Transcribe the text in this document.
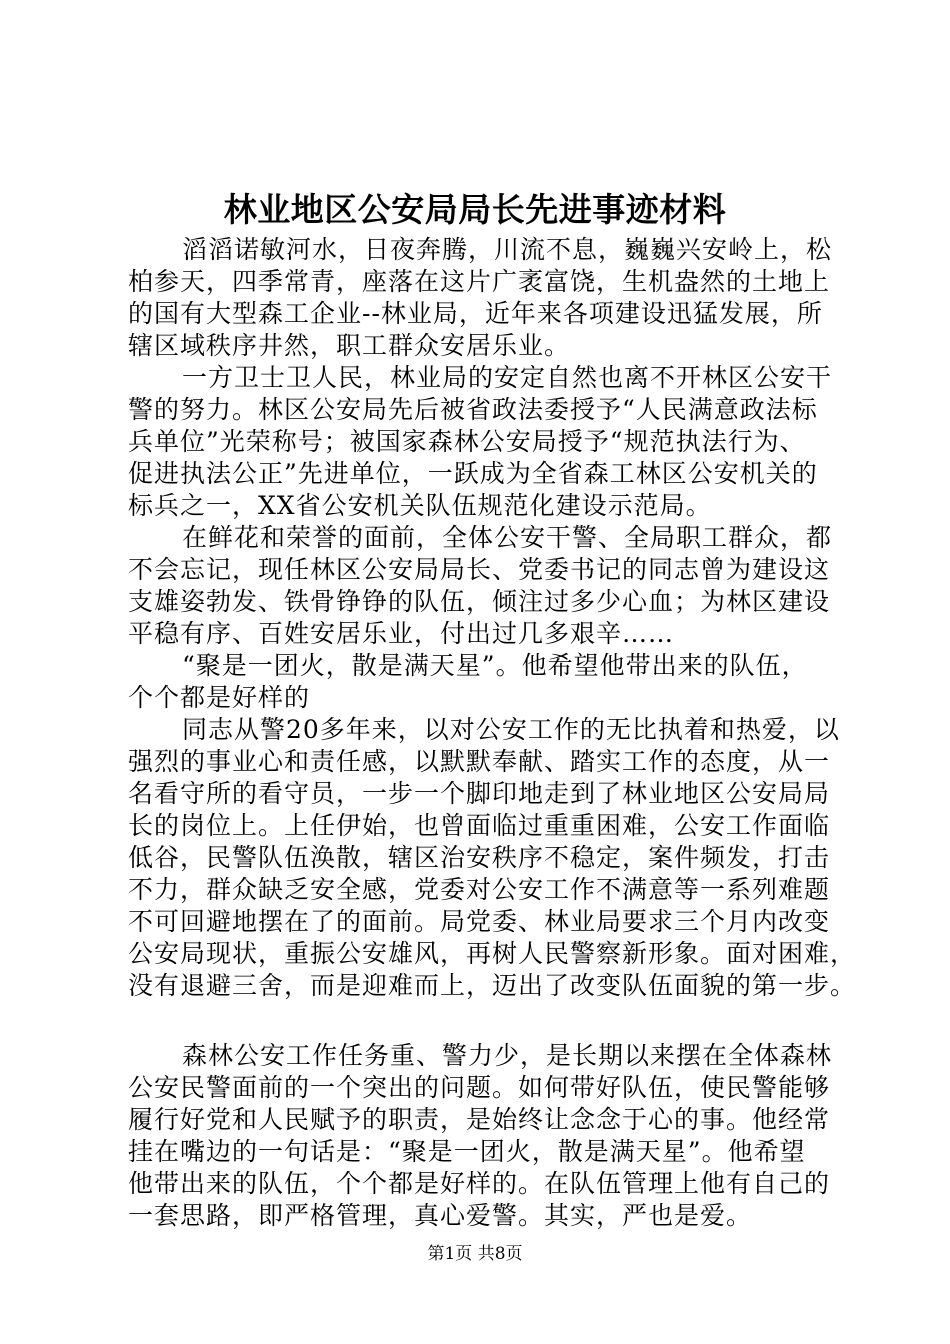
林业地区公安局局长先进事迹材料
滔滔诺敏河水，日夜奔腾，川流不息，巍巍兴安岭上，松
柏参天，四季常青，座落在这片广袤富饶，生机盎然的土地上
的国有大型森工企业--林业局，近年来各项建设迅猛发展，所
辖区域秩序井然，职工群众安居乐业。
一方卫士卫人民，林业局的安定自然也离不开林区公安干
警的努力。林区公安局先后被省政法委授予“人民满意政法标
兵单位”光荣称号；被国家森林公安局授予“规范执法行为、
促进执法公正”先进单位，一跃成为全省森工林区公安机关的
标兵之一，XX省公安机关队伍规范化建设示范局。
在鲜花和荣誉的面前，全体公安干警、全局职工群众，都
不会忘记，现任林区公安局局长、党委书记的同志曾为建设这
支雄姿勃发、铁骨铮铮的队伍，倾注过多少心血；为林区建设
平稳有序、百姓安居乐业，付出过几多艰辛……
“聚是一团火，散是满天星”。他希望他带出来的队伍，
个个都是好样的
同志从警20多年来，以对公安工作的无比执着和热爱，以
强烈的事业心和责任感，以默默奉献、踏实工作的态度，从一
名看守所的看守员，一步一个脚印地走到了林业地区公安局局
长的岗位上。上任伊始，也曾面临过重重困难，公安工作面临
低谷，民警队伍涣散，辖区治安秩序不稳定，案件频发，打击
不力，群众缺乏安全感，党委对公安工作不满意等一系列难题
不可回避地摆在了的面前。局党委、林业局要求三个月内改变
公安局现状，重振公安雄风，再树人民警察新形象。面对困难，
没有退避三舍，而是迎难而上，迈出了改变队伍面貌的第一步。
森林公安工作任务重、警力少，是长期以来摆在全体森林
公安民警面前的一个突出的问题。如何带好队伍，使民警能够
履行好党和人民赋予的职责，是始终让念念于心的事。他经常
挂在嘴边的一句话是：“聚是一团火，散是满天星”。他希望
他带出来的队伍，个个都是好样的。在队伍管理上他有自己的
一套思路，即严格管理，真心爱警。其实，严也是爱。
第1页 共8页
